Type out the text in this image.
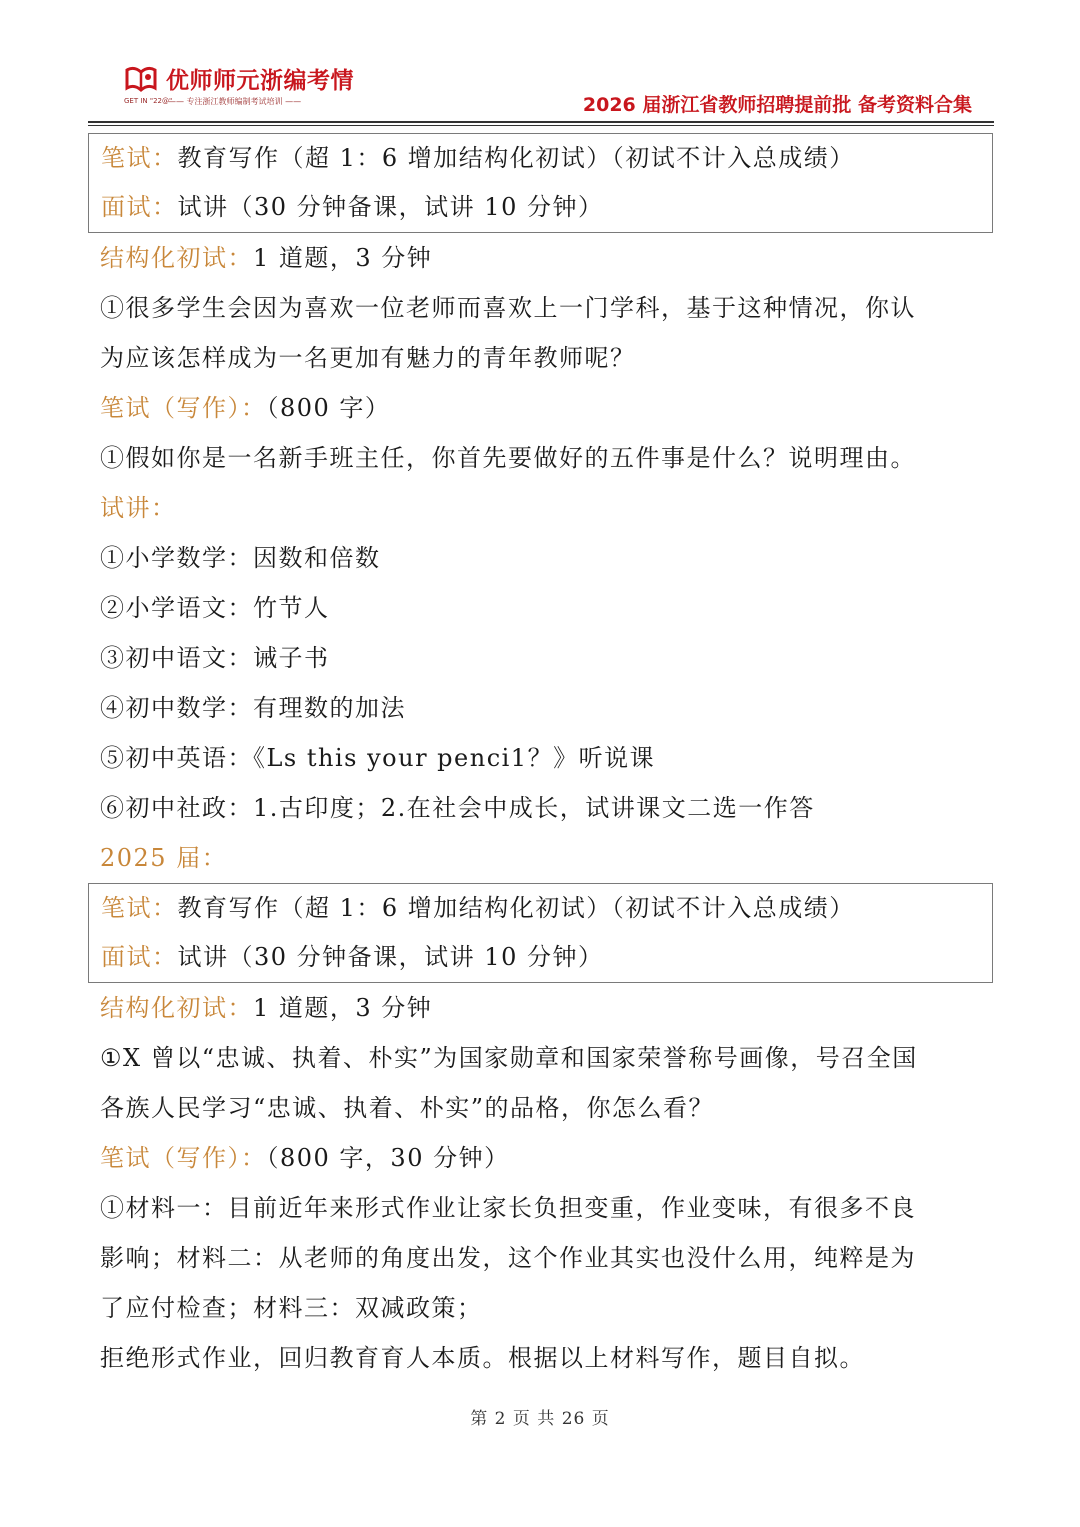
优师师元浙编考情
GET IN "22@"
—— 专注浙江教师编制考试培训 ——	2026 届浙江省教师招聘提前批 备考资料合集
笔试：教育写作（超 1：6 增加结构化初试）（初试不计入总成绩）
面试：试讲（30 分钟备课，试讲 10 分钟）
结构化初试：1 道题，3 分钟
①很多学生会因为喜欢一位老师而喜欢上一门学科，基于这种情况，你认
为应该怎样成为一名更加有魅力的青年教师呢？
笔试（写作）：（800 字）
①假如你是一名新手班主任，你首先要做好的五件事是什么？说明理由。
试讲：
①小学数学：因数和倍数
②小学语文：竹节人
③初中语文：诫子书
④初中数学：有理数的加法
⑤初中英语：《Ls this your penci1？》听说课
⑥初中社政：1.古印度；2.在社会中成长，试讲课文二选一作答
2025 届：
笔试：教育写作（超 1：6 增加结构化初试）（初试不计入总成绩）
面试：试讲（30 分钟备课，试讲 10 分钟）
结构化初试：1 道题，3 分钟
①X 曾以“忠诚、执着、朴实”为国家勋章和国家荣誉称号画像，号召全国
各族人民学习“忠诚、执着、朴实”的品格，你怎么看？
笔试（写作）：（800 字，30 分钟）
①材料一：目前近年来形式作业让家长负担变重，作业变味，有很多不良
影响；材料二：从老师的角度出发，这个作业其实也没什么用，纯粹是为
了应付检查；材料三：双减政策；
拒绝形式作业，回归教育育人本质。根据以上材料写作，题目自拟。
第 2 页 共 26 页
